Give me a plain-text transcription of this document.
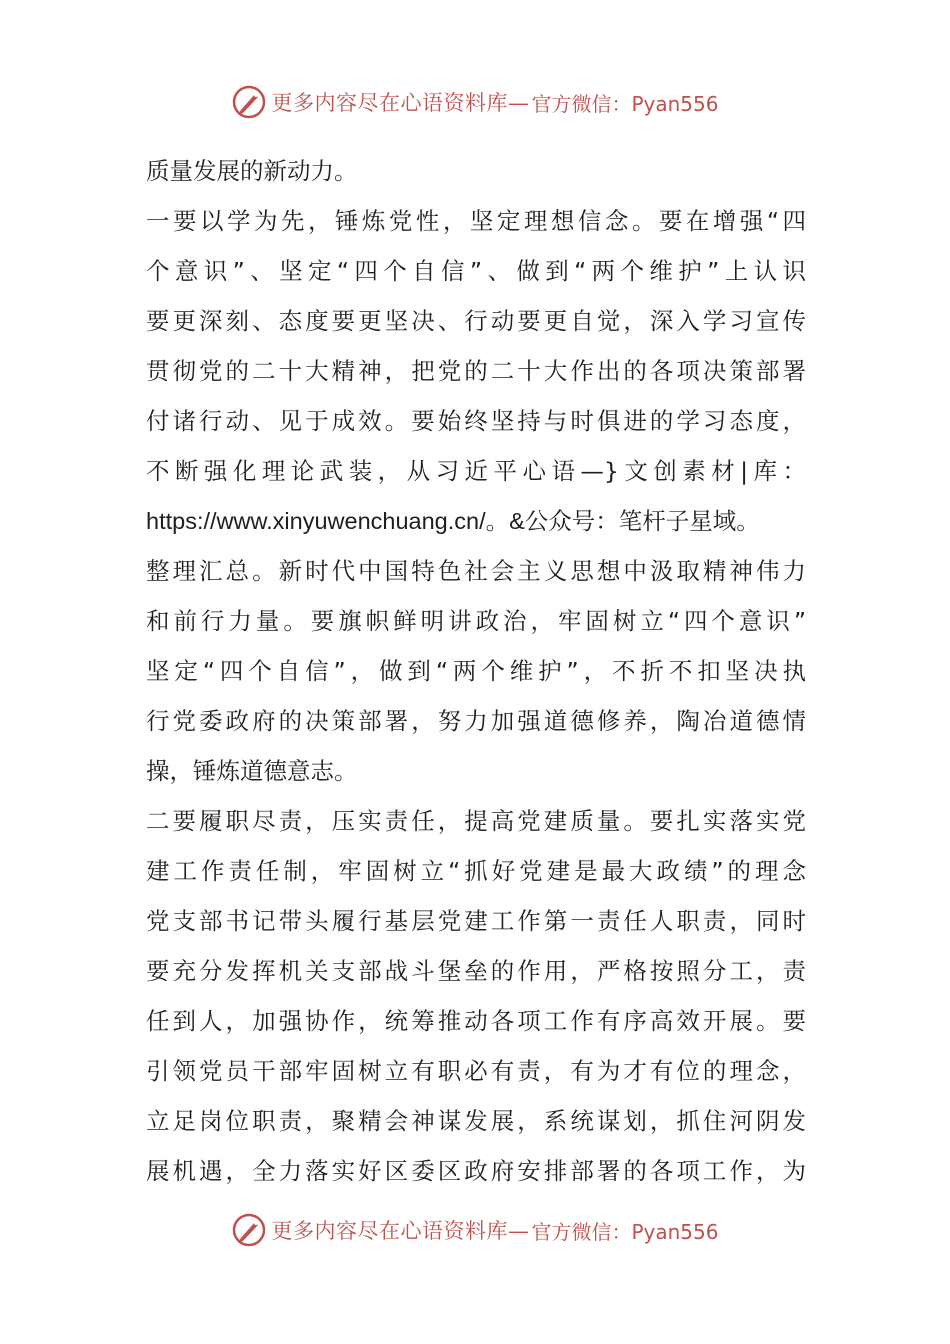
更多内容尽在心语资料库— 官方微信：Pyan556
质量发展的新动力。
一要以学为先，锤炼党性，坚定理想信念。要在增强“四
个意识”、坚定“四个自信”、做到“两个维护”上认识
要更深刻、态度要更坚决、行动要更自觉，深入学习宣传
贯彻党的二十大精神，把党的二十大作出的各项决策部署
付诸行动、见于成效。要始终坚持与时俱进的学习态度，
不断强化理论武装，从习近平心语—}文创素材|库：
https://www.xinyuwenchuang.cn/。&公众号：笔杆子星域。
整理汇总。新时代中国特色社会主义思想中汲取精神伟力
和前行力量。要旗帜鲜明讲政治，牢固树立“四个意识”
坚定“四个自信”，做到“两个维护”，不折不扣坚决执
行党委政府的决策部署，努力加强道德修养，陶冶道德情
操，锤炼道德意志。
二要履职尽责，压实责任，提高党建质量。要扎实落实党
建工作责任制，牢固树立“抓好党建是最大政绩”的理念
党支部书记带头履行基层党建工作第一责任人职责，同时
要充分发挥机关支部战斗堡垒的作用，严格按照分工，责
任到人，加强协作，统筹推动各项工作有序高效开展。要
引领党员干部牢固树立有职必有责，有为才有位的理念，
立足岗位职责，聚精会神谋发展，系统谋划，抓住河阴发
展机遇，全力落实好区委区政府安排部署的各项工作，为
更多内容尽在心语资料库— 官方微信：Pyan556
